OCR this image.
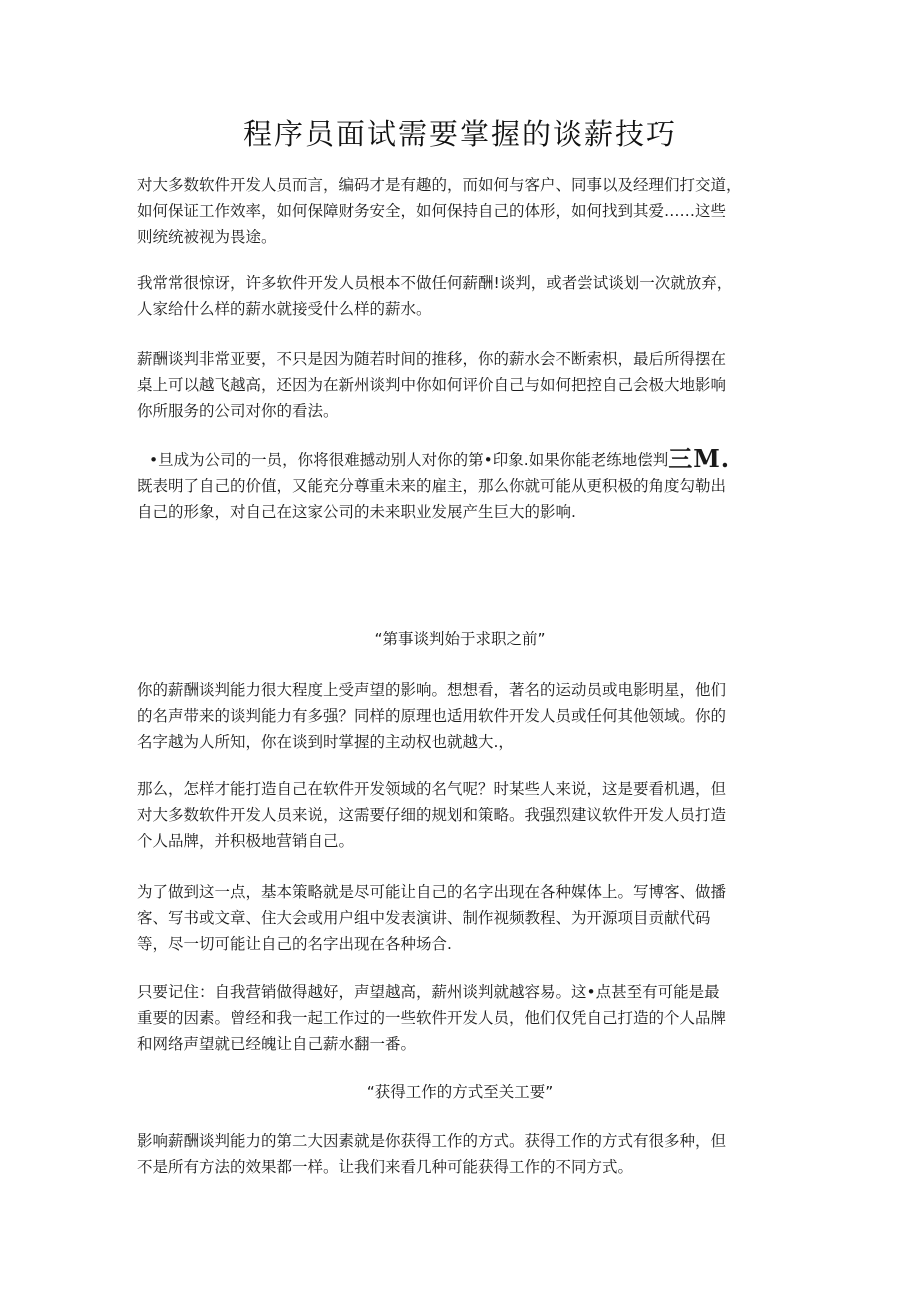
程序员面试需要掌握的谈薪技巧

对大多数软件开发人员而言，编码才是有趣的，而如何与客户、同事以及经理们打交道，
如何保证工作效率，如何保障财务安全，如何保持自己的体形，如何找到其爱……这些
则统统被视为畏途。

我常常很惊讶，许多软件开发人员根本不做任何薪酬!谈判，或者尝试谈划一次就放弃，
人家给什么样的薪水就接受什么样的薪水。

薪酬谈判非常亚要，不只是因为随若时间的推移，你的薪水会不断索枳，最后所得摆在
桌上可以越飞越高，还因为在新州谈判中你如何评价自己与如何把控自己会极大地影响
你所服务的公司对你的看法。

•旦成为公司的一员，你将很难撼动别人对你的第•印象.如果你能老练地偿判三M.
既表明了自己的价值，又能充分尊重未来的雇主，那么你就可能从更积极的角度勾勒出
自己的形象，对自己在这家公司的未来职业发展产生巨大的影响.

“第事谈判始于求职之前”

你的薪酬谈判能力很大程度上受声望的影响。想想看，著名的运动员或电影明星，他们
的名声带来的谈判能力有多强？同样的原理也适用软件开发人员或任何其他领域。你的
名字越为人所知，你在谈到时掌握的主动权也就越大.，

那么，怎样才能打造自己在软件开发领域的名气呢？时某些人来说，这是要看机遇，但
对大多数软件开发人员来说，这需要仔细的规划和策略。我强烈建议软件开发人员打造
个人品牌，并积极地营销自己。

为了做到这一点，基本策略就是尽可能让自己的名字出现在各种媒体上。写博客、做播
客、写书或文章、住大会或用户组中发表演讲、制作视频教程、为开源项目贡献代码
等，尽一切可能让自己的名字出现在各种场合.

只要记住：自我营销做得越好，声望越高，薪州谈判就越容易。这•点甚至有可能是最
重要的因素。曾经和我一起工作过的一些软件开发人员，他们仅凭自己打造的个人品牌
和网络声望就已经魄让自己薪水翻一番。

“获得工作的方式至关工要”

影响薪酬谈判能力的第二大因素就是你获得工作的方式。获得工作的方式有很多种，但
不是所有方法的效果都一样。让我们来看几种可能获得工作的不同方式。
